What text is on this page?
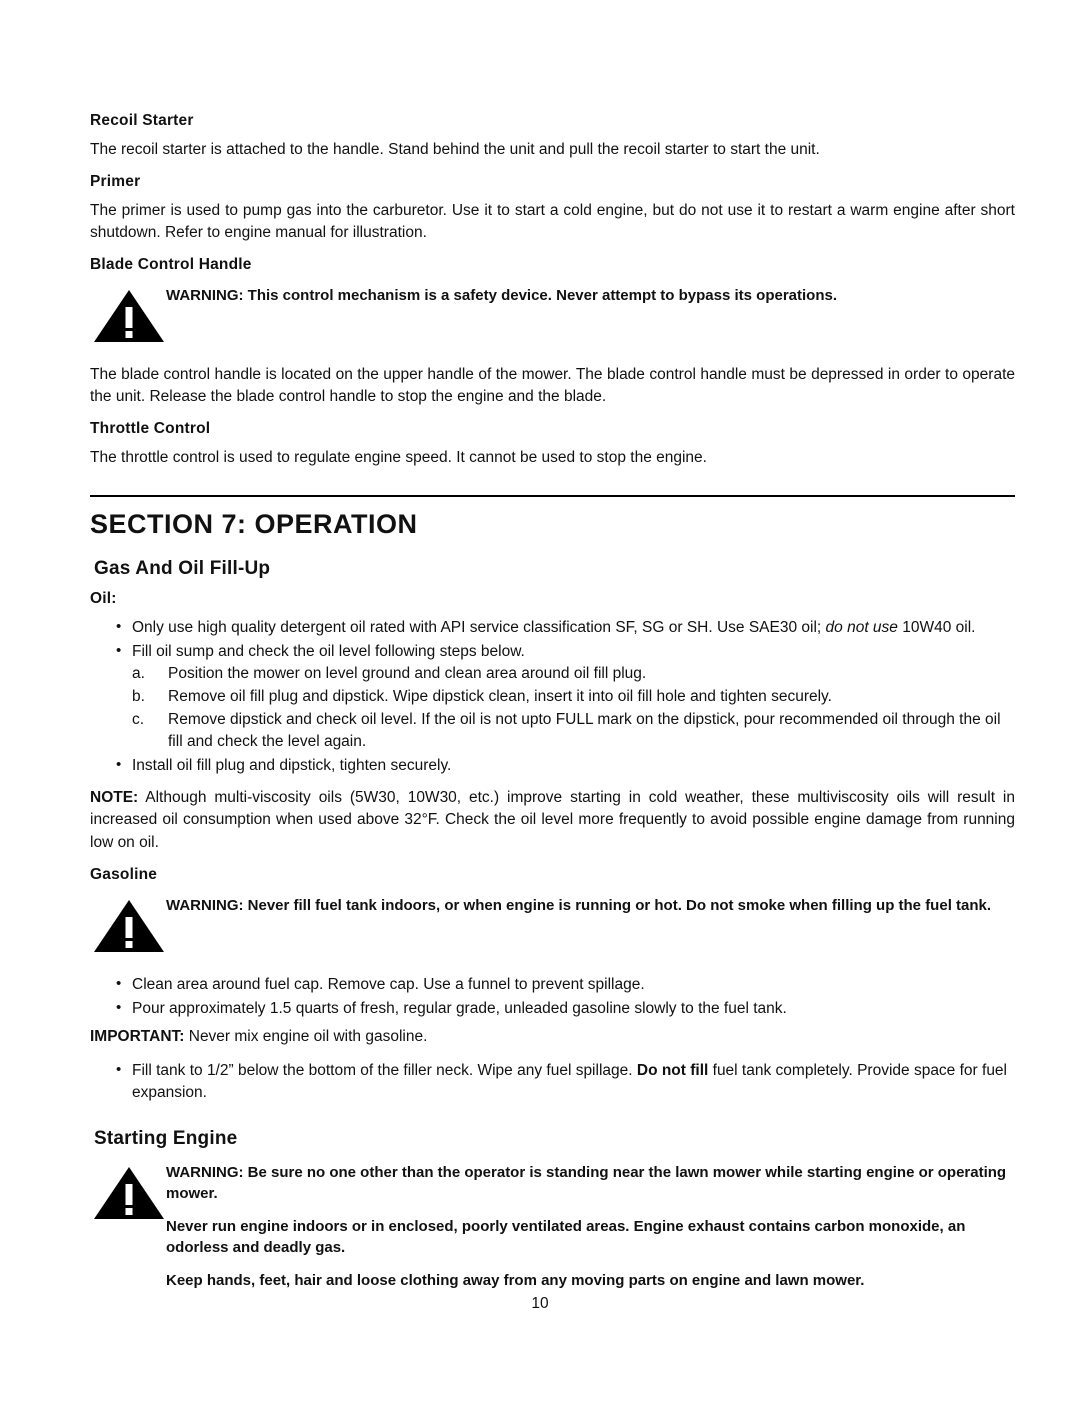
Recoil Starter

The recoil starter is attached to the handle. Stand behind the unit and pull the recoil starter to start the unit.

Primer

The primer is used to pump gas into the carburetor. Use it to start a cold engine, but do not use it to restart a warm engine after short shutdown. Refer to engine manual for illustration.

Blade Control Handle

WARNING: This control mechanism is a safety device. Never attempt to bypass its operations.

The blade control handle is located on the upper handle of the mower. The blade control handle must be depressed in order to operate the unit. Release the blade control handle to stop the engine and the blade.

Throttle Control

The throttle control is used to regulate engine speed. It cannot be used to stop the engine.

SECTION 7: OPERATION
Gas And Oil Fill-Up
Oil:
• Only use high quality detergent oil rated with API service classification SF, SG or SH. Use SAE30 oil; do not use 10W40 oil.
• Fill oil sump and check the oil level following steps below.
a. Position the mower on level ground and clean area around oil fill plug.
b. Remove oil fill plug and dipstick. Wipe dipstick clean, insert it into oil fill hole and tighten securely.
c. Remove dipstick and check oil level. If the oil is not upto FULL mark on the dipstick, pour recommended oil through the oil fill and check the level again.
• Install oil fill plug and dipstick, tighten securely.

NOTE: Although multi-viscosity oils (5W30, 10W30, etc.) improve starting in cold weather, these multiviscosity oils will result in increased oil consumption when used above 32°F. Check the oil level more frequently to avoid possible engine damage from running low on oil.

Gasoline

WARNING: Never fill fuel tank indoors, or when engine is running or hot. Do not smoke when filling up the fuel tank.

• Clean area around fuel cap. Remove cap. Use a funnel to prevent spillage.
• Pour approximately 1.5 quarts of fresh, regular grade, unleaded gasoline slowly to the fuel tank.

IMPORTANT: Never mix engine oil with gasoline.

• Fill tank to 1/2” below the bottom of the filler neck. Wipe any fuel spillage. Do not fill fuel tank completely. Provide space for fuel expansion.
Starting Engine

WARNING: Be sure no one other than the operator is standing near the lawn mower while starting engine or operating mower.

Never run engine indoors or in enclosed, poorly ventilated areas. Engine exhaust contains carbon monoxide, an odorless and deadly gas.

Keep hands, feet, hair and loose clothing away from any moving parts on engine and lawn mower.

10
